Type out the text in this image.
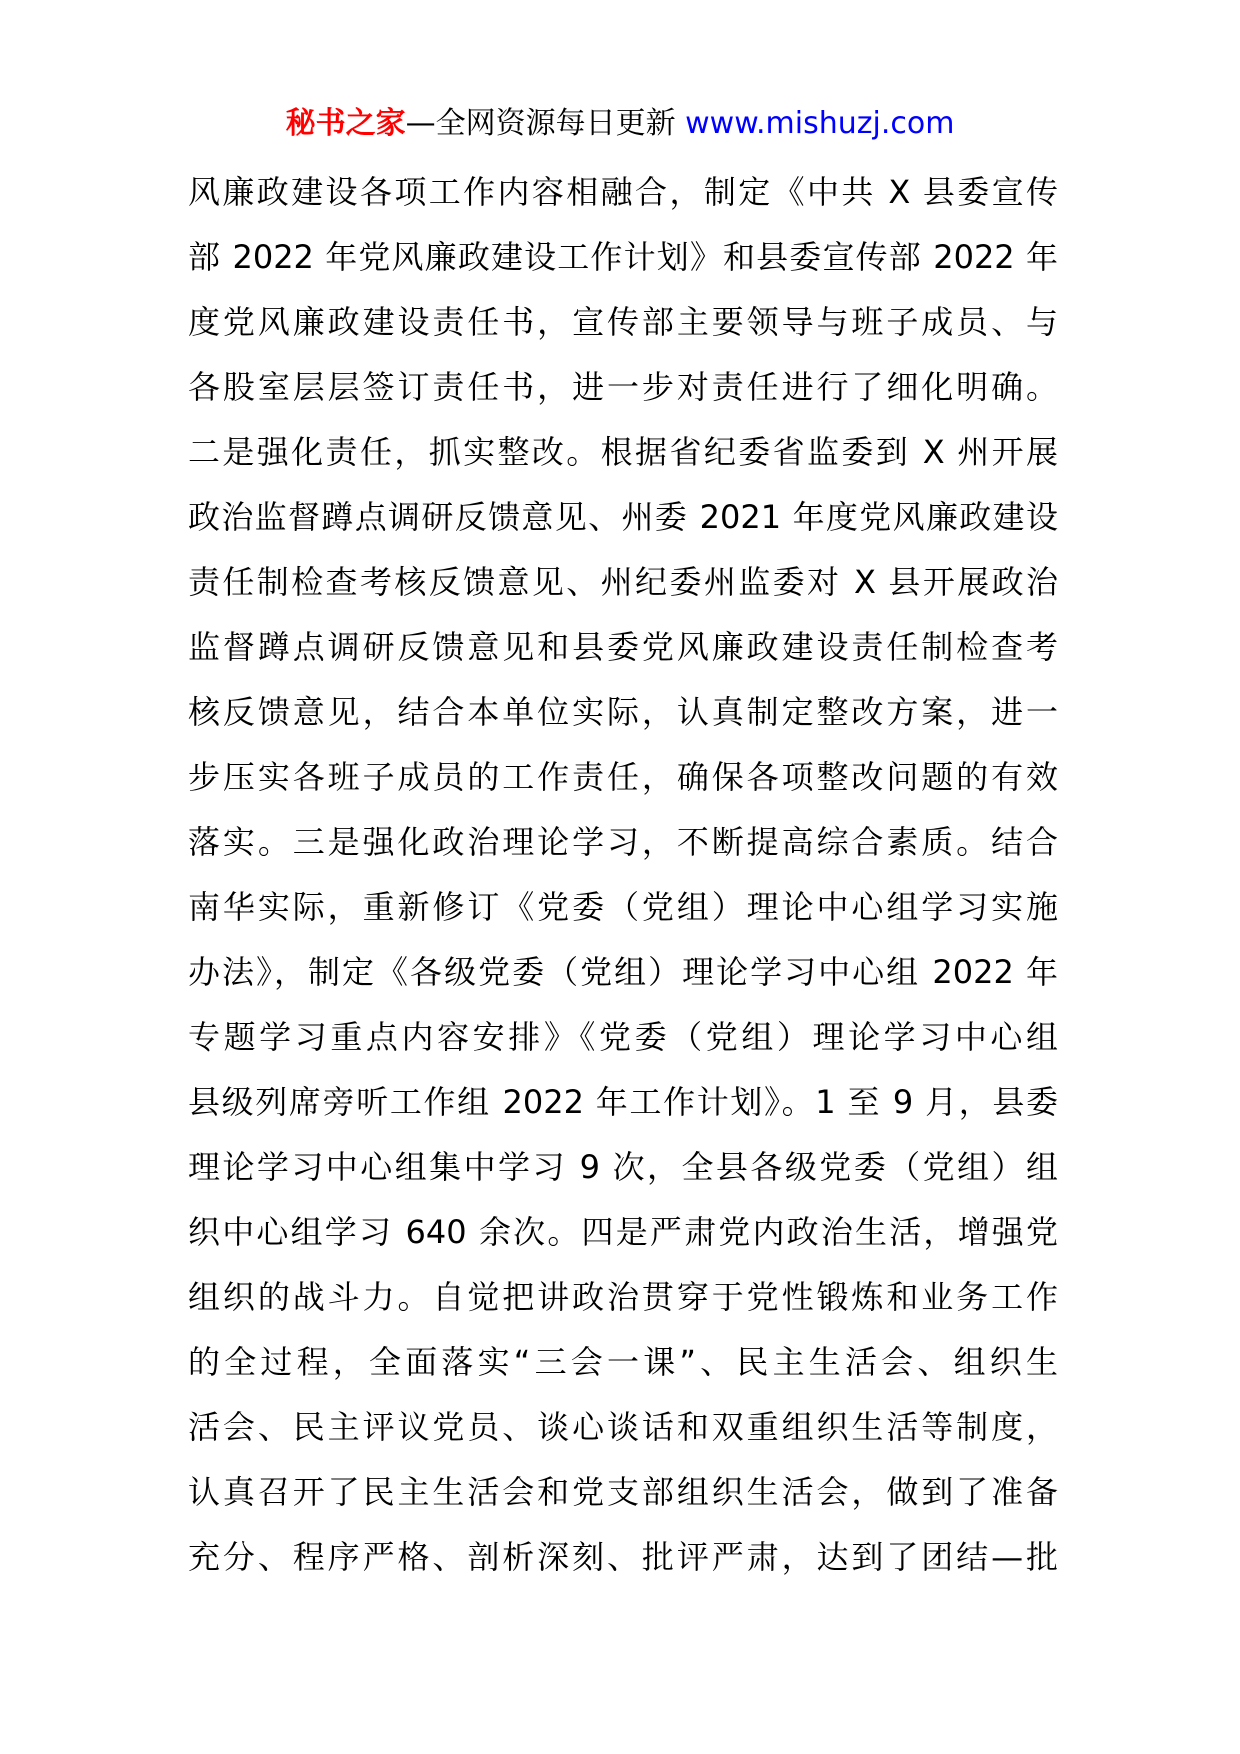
秘书之家—全网资源每日更新 www.mishuzj.com
风廉政建设各项工作内容相融合，制定《中共 X 县委宣传
部 2022 年党风廉政建设工作计划》和县委宣传部 2022 年
度党风廉政建设责任书，宣传部主要领导与班子成员、与
各股室层层签订责任书，进一步对责任进行了细化明确。
二是强化责任，抓实整改。根据省纪委省监委到 X 州开展
政治监督蹲点调研反馈意见、州委 2021 年度党风廉政建设
责任制检查考核反馈意见、州纪委州监委对 X 县开展政治
监督蹲点调研反馈意见和县委党风廉政建设责任制检查考
核反馈意见，结合本单位实际，认真制定整改方案，进一
步压实各班子成员的工作责任，确保各项整改问题的有效
落实。三是强化政治理论学习，不断提高综合素质。结合
南华实际，重新修订《党委（党组）理论中心组学习实施
办法》，制定《各级党委（党组）理论学习中心组 2022 年
专题学习重点内容安排》《党委（党组）理论学习中心组
县级列席旁听工作组 2022 年工作计划》。1 至 9 月，县委
理论学习中心组集中学习 9 次，全县各级党委（党组）组
织中心组学习 640 余次。四是严肃党内政治生活，增强党
组织的战斗力。自觉把讲政治贯穿于党性锻炼和业务工作
的全过程，全面落实“三会一课”、民主生活会、组织生
活会、民主评议党员、谈心谈话和双重组织生活等制度，
认真召开了民主生活会和党支部组织生活会，做到了准备
充分、程序严格、剖析深刻、批评严肃，达到了团结—批
